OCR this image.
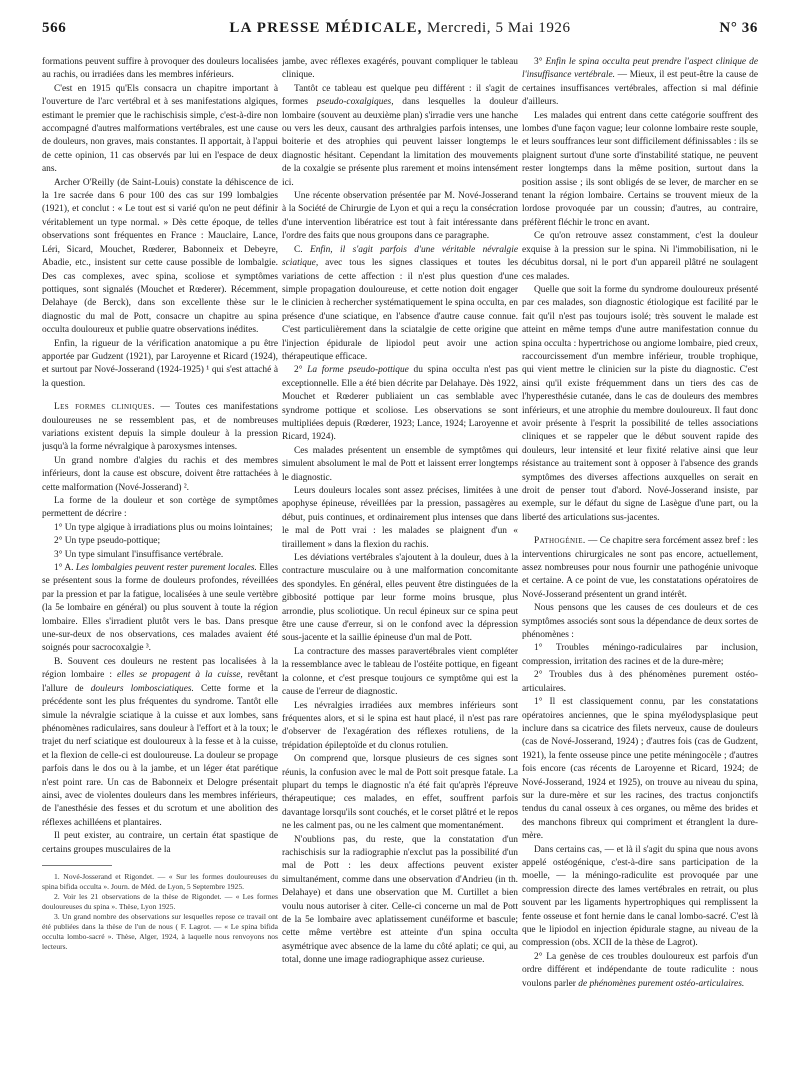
566	LA PRESSE MÉDICALE, Mercredi, 5 Mai 1926	N° 36

formations peuvent suffire à provoquer des douleurs localisées au rachis, ou irradiées dans les membres inférieurs.

C'est en 1915 qu'Els consacra un chapitre important à l'ouverture de l'arc vertébral et à ses manifestations algiques, estimant le premier que le rachischisis simple, c'est-à-dire non accompagné d'autres malformations vertébrales, est une cause de douleurs, non graves, mais constantes. Il apportait, à l'appui de cette opinion, 11 cas observés par lui en l'espace de deux ans.

Archer O'Reilly (de Saint-Louis) constate la déhiscence de la 1re sacrée dans 6 pour 100 des cas sur 199 lombalgies (1921), et conclut : « Le tout est si varié qu'on ne peut définir véritablement un type normal. » Dès cette époque, de telles observations sont fréquentes en France : Mauclaire, Lance, Léri, Sicard, Mouchet, Rœderer, Babonneix et Debeyre, Abadie, etc., insistent sur cette cause possible de lombalgie. Des cas complexes, avec spina, scoliose et symptômes pottiques, sont signalés (Mouchet et Rœderer). Récemment, Delahaye (de Berck), dans son excellente thèse sur le diagnostic du mal de Pott, consacre un chapitre au spina occulta douloureux et publie quatre observations inédites.

Enfin, la rigueur de la vérification anatomique a pu être apportée par Gudzent (1921), par Laroyenne et Ricard (1924), et surtout par Nové-Josserand (1924-1925) ¹ qui s'est attaché à la question.

Les formes cliniques. — Toutes ces manifestations douloureuses ne se ressemblent pas, et de nombreuses variations existent depuis la simple douleur à la pression jusqu'à la forme névralgique à paroxysmes intenses.

Un grand nombre d'algies du rachis et des membres inférieurs, dont la cause est obscure, doivent être rattachées à cette malformation (Nové-Josserand) ².

La forme de la douleur et son cortège de symptômes permettent de décrire :

1° Un type algique à irradiations plus ou moins lointaines;

2° Un type pseudo-pottique;

3° Un type simulant l'insuffisance vertébrale.

1° A. Les lombalgies peuvent rester purement locales. Elles se présentent sous la forme de douleurs profondes, réveillées par la pression et par la fatigue, localisées à une seule vertèbre (la 5e lombaire en général) ou plus souvent à toute la région lombaire. Elles s'irradient plutôt vers le bas. Dans presque une-sur-deux de nos observations, ces malades avaient été soignés pour sacrocoxalgie ³.

B. Souvent ces douleurs ne restent pas localisées à la région lombaire : elles se propagent à la cuisse, revêtant l'allure de douleurs lombosciatiques. Cette forme et la précédente sont les plus fréquentes du syndrome. Tantôt elle simule la névralgie sciatique à la cuisse et aux lombes, sans phénomènes radiculaires, sans douleur à l'effort et à la toux; le trajet du nerf sciatique est douloureux à la fesse et à la cuisse, et la flexion de celle-ci est douloureuse. La douleur se propage parfois dans le dos ou à la jambe, et un léger état parétique n'est point rare. Un cas de Babonneix et Delogre présentait ainsi, avec de violentes douleurs dans les membres inférieurs, de l'anesthésie des fesses et du scrotum et une abolition des réflexes achilléens et plantaires.

Il peut exister, au contraire, un certain état spastique de certains groupes musculaires de la

1. Nové-Josserand et Rigondet. — « Sur les formes douloureuses du spina bifida occulta ». Journ. de Méd. de Lyon, 5 Septembre 1925.

2. Voir les 21 observations de la thèse de Rigondet. — « Les formes douloureuses du spina ». Thèse, Lyon 1925.

3. Un grand nombre des observations sur lesquelles repose ce travail ont été publiées dans la thèse de l'un de nous ( F. Lagrot. — « Le spina bifida occulta lombo-sacré ». Thèse, Alger, 1924, à laquelle nous renvoyons nos lecteurs.

jambe, avec réflexes exagérés, pouvant compliquer le tableau clinique.

Tantôt ce tableau est quelque peu différent : il s'agit de formes pseudo-coxalgiques, dans lesquelles la douleur lombaire (souvent au deuxième plan) s'irradie vers une hanche ou vers les deux, causant des arthralgies parfois intenses, une boiterie et des atrophies qui peuvent laisser longtemps le diagnostic hésitant. Cependant la limitation des mouvements de la coxalgie se présente plus rarement et moins intensément ici.

Une récente observation présentée par M. Nové-Josserand à la Société de Chirurgie de Lyon et qui a reçu la consécration d'une intervention libératrice est tout à fait intéressante dans l'ordre des faits que nous groupons dans ce paragraphe.

C. Enfin, il s'agit parfois d'une véritable névralgie sciatique, avec tous les signes classiques et toutes les variations de cette affection : il n'est plus question d'une simple propagation douloureuse, et cette notion doit engager le clinicien à rechercher systématiquement le spina occulta, en présence d'une sciatique, en l'absence d'autre cause connue. C'est particulièrement dans la sciatalgie de cette origine que l'injection épidurale de lipiodol peut avoir une action thérapeutique efficace.

2° La forme pseudo-pottique du spina occulta n'est pas exceptionnelle. Elle a été bien décrite par Delahaye. Dès 1922, Mouchet et Rœderer publiaient un cas semblable avec syndrome pottique et scoliose. Les observations se sont multipliées depuis (Rœderer, 1923; Lance, 1924; Laroyenne et Ricard, 1924).

Ces malades présentent un ensemble de symptômes qui simulent absolument le mal de Pott et laissent errer longtemps le diagnostic.

Leurs douleurs locales sont assez précises, limitées à une apophyse épineuse, réveillées par la pression, passagères au début, puis continues, et ordinairement plus intenses que dans le mal de Pott vrai : les malades se plaignent d'un « tiraillement » dans la flexion du rachis.

Les déviations vertébrales s'ajoutent à la douleur, dues à la contracture musculaire ou à une malformation concomitante des spondyles. En général, elles peuvent être distinguées de la gibbosité pottique par leur forme moins brusque, plus arrondie, plus scoliotique. Un recul épineux sur ce spina peut être une cause d'erreur, si on le confond avec la dépression sous-jacente et la saillie épineuse d'un mal de Pott.

La contracture des masses paravertébrales vient compléter la ressemblance avec le tableau de l'ostéite pottique, en figeant la colonne, et c'est presque toujours ce symptôme qui est la cause de l'erreur de diagnostic.

Les névralgies irradiées aux membres inférieurs sont fréquentes alors, et si le spina est haut placé, il n'est pas rare d'observer de l'exagération des réflexes rotuliens, de la trépidation épileptoïde et du clonus rotulien.

On comprend que, lorsque plusieurs de ces signes sont réunis, la confusion avec le mal de Pott soit presque fatale. La plupart du temps le diagnostic n'a été fait qu'après l'épreuve thérapeutique; ces malades, en effet, souffrent parfois davantage lorsqu'ils sont couchés, et le corset plâtré et le repos ne les calment pas, ou ne les calment que momentanément.

N'oublions pas, du reste, que la constatation d'un rachischisis sur la radiographie n'exclut pas la possibilité d'un mal de Pott : les deux affections peuvent exister simultanément, comme dans une observation d'Andrieu (in th. Delahaye) et dans une observation que M. Curtillet a bien voulu nous autoriser à citer. Celle-ci concerne un mal de Pott de la 5e lombaire avec aplatissement cunéiforme et bascule; cette même vertèbre est atteinte d'un spina occulta asymétrique avec absence de la lame du côté aplati; ce qui, au total, donne une image radiographique assez curieuse.

3° Enfin le spina occulta peut prendre l'aspect clinique de l'insuffisance vertébrale. — Mieux, il est peut-être la cause de certaines insuffisances vertébrales, affection si mal définie d'ailleurs.

Les malades qui entrent dans cette catégorie souffrent des lombes d'une façon vague; leur colonne lombaire reste souple, et leurs souffrances leur sont difficilement définissables : ils se plaignent surtout d'une sorte d'instabilité statique, ne peuvent rester longtemps dans la même position, surtout dans la position assise ; ils sont obligés de se lever, de marcher en se tenant la région lombaire. Certains se trouvent mieux de la lordose provoquée par un coussin; d'autres, au contraire, préfèrent fléchir le tronc en avant.

Ce qu'on retrouve assez constamment, c'est la douleur exquise à la pression sur le spina. Ni l'immobilisation, ni le décubitus dorsal, ni le port d'un appareil plâtré ne soulagent ces malades.

Quelle que soit la forme du syndrome douloureux présenté par ces malades, son diagnostic étiologique est facilité par le fait qu'il n'est pas toujours isolé; très souvent le malade est atteint en même temps d'une autre manifestation connue du spina occulta : hypertrichose ou angiome lombaire, pied creux, raccourcissement d'un membre inférieur, trouble trophique, qui vient mettre le clinicien sur la piste du diagnostic. C'est ainsi qu'il existe fréquemment dans un tiers des cas de l'hyperesthésie cutanée, dans le cas de douleurs des membres inférieurs, et une atrophie du membre douloureux. Il faut donc avoir présente à l'esprit la possibilité de telles associations cliniques et se rappeler que le début souvent rapide des douleurs, leur intensité et leur fixité relative ainsi que leur résistance au traitement sont à opposer à l'absence des grands symptômes des diverses affections auxquelles on serait en droit de penser tout d'abord. Nové-Josserand insiste, par exemple, sur le défaut du signe de Lasègue d'une part, ou la liberté des articulations sus-jacentes.

Pathogénie. — Ce chapitre sera forcément assez bref : les interventions chirurgicales ne sont pas encore, actuellement, assez nombreuses pour nous fournir une pathogénie univoque et certaine. A ce point de vue, les constatations opératoires de Nové-Josserand présentent un grand intérêt.

Nous pensons que les causes de ces douleurs et de ces symptômes associés sont sous la dépendance de deux sortes de phénomènes :

1° Troubles méningo-radiculaires par inclusion, compression, irritation des racines et de la dure-mère;

2° Troubles dus à des phénomènes purement ostéo-articulaires.

1° Il est classiquement connu, par les constatations opératoires anciennes, que le spina myélodysplasique peut inclure dans sa cicatrice des filets nerveux, cause de douleurs (cas de Nové-Josserand, 1924) ; d'autres fois (cas de Gudzent, 1921), la fente osseuse pince une petite méningocèle ; d'autres fois encore (cas récents de Laroyenne et Ricard, 1924; de Nové-Josserand, 1924 et 1925), on trouve au niveau du spina, sur la dure-mère et sur les racines, des tractus conjonctifs tendus du canal osseux à ces organes, ou même des brides et des manchons fibreux qui compriment et étranglent la dure-mère.

Dans certains cas, — et là il s'agit du spina que nous avons appelé ostéogénique, c'est-à-dire sans participation de la moelle, — la méningo-radiculite est provoquée par une compression directe des lames vertébrales en retrait, ou plus souvent par les ligaments hypertrophiques qui remplissent la fente osseuse et font hernie dans le canal lombo-sacré. C'est là que le lipiodol en injection épidurale stagne, au niveau de la compression (obs. XCII de la thèse de Lagrot).

2° La genèse de ces troubles douloureux est parfois d'un ordre différent et indépendante de toute radiculite : nous voulons parler de phénomènes purement ostéo-articulaires.
